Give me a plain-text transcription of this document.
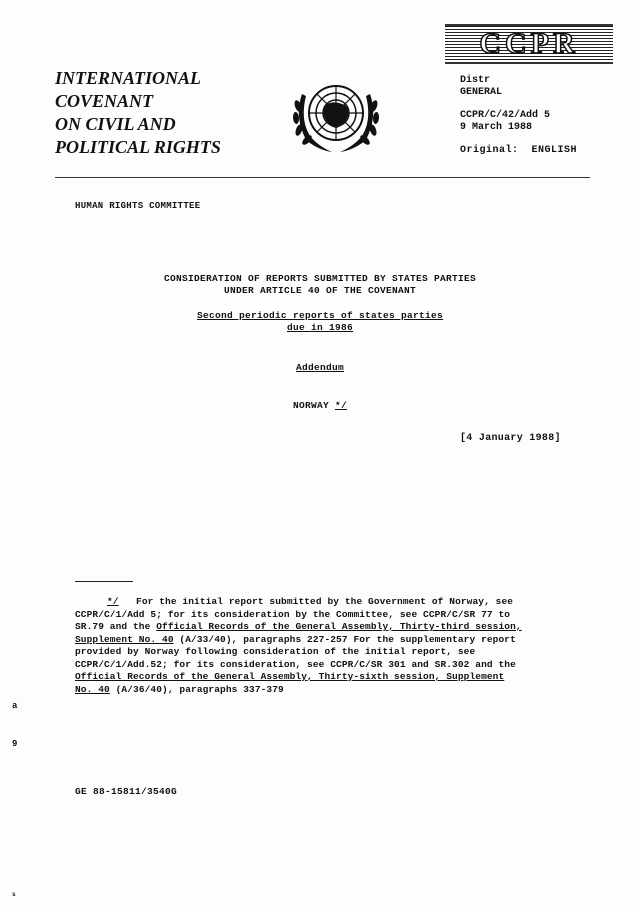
CCPR
INTERNATIONAL
COVENANT
ON CIVIL AND
POLITICAL RIGHTS
Distr
GENERAL
CCPR/C/42/Add 5
9 March 1988
Original: ENGLISH
HUMAN RIGHTS COMMITTEE
CONSIDERATION OF REPORTS SUBMITTED BY STATES PARTIES
UNDER ARTICLE 40 OF THE COVENANT
Second periodic reports of states parties
due in 1986
Addendum
NORWAY */
[4 January 1988]
*/ For the initial report submitted by the Government of Norway, see
CCPR/C/1/Add 5; for its consideration by the Committee, see CCPR/C/SR 77 to
SR.79 and the Official Records of the General Assembly, Thirty-third session,
Supplement No. 40 (A/33/40), paragraphs 227-257 For the supplementary report
provided by Norway following consideration of the initial report, see
CCPR/C/1/Add.52; for its consideration, see CCPR/C/SR 301 and SR.302 and the
Official Records of the General Assembly, Thirty-sixth session, Supplement
No. 40 (A/36/40), paragraphs 337-379
a
9
s
GE 88-15811/3540G
